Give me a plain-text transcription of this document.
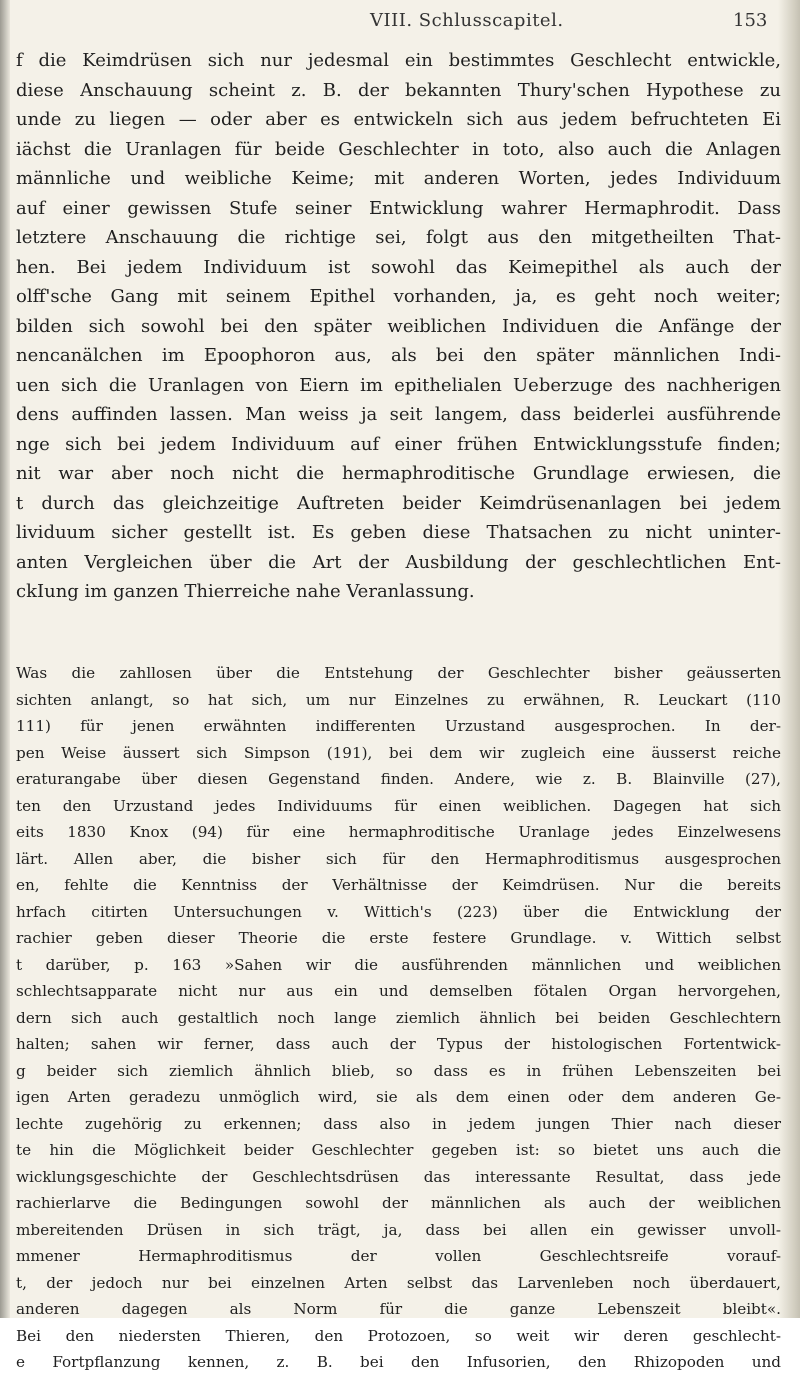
VIII. Schlusscapitel.	153
f die Keimdrüsen sich nur jedesmal ein bestimmtes Geschlecht entwickle,
diese Anschauung scheint z. B. der bekannten Thury'schen Hypothese zu
unde zu liegen — oder aber es entwickeln sich aus jedem befruchteten Ei
iächst die Uranlagen für beide Geschlechter in toto, also auch die Anlagen
männliche und weibliche Keime; mit anderen Worten, jedes Individuum
auf einer gewissen Stufe seiner Entwicklung wahrer Hermaphrodit. Dass
letztere Anschauung die richtige sei, folgt aus den mitgetheilten That-
hen. Bei jedem Individuum ist sowohl das Keimepithel als auch der
olff'sche Gang mit seinem Epithel vorhanden, ja, es geht noch weiter;
bilden sich sowohl bei den später weiblichen Individuen die Anfänge der
nencanälchen im Epoophoron aus, als bei den später männlichen Indi-
uen sich die Uranlagen von Eiern im epithelialen Ueberzuge des nachherigen
dens auffinden lassen. Man weiss ja seit langem, dass beiderlei ausführende
nge sich bei jedem Individuum auf einer frühen Entwicklungsstufe finden;
nit war aber noch nicht die hermaphroditische Grundlage erwiesen, die
t durch das gleichzeitige Auftreten beider Keimdrüsenanlagen bei jedem
lividuum sicher gestellt ist. Es geben diese Thatsachen zu nicht uninter-
anten Vergleichen über die Art der Ausbildung der geschlechtlichen Ent-
ckIung im ganzen Thierreiche nahe Veranlassung.
Was die zahllosen über die Entstehung der Geschlechter bisher geäusserten
sichten anlangt, so hat sich, um nur Einzelnes zu erwähnen, R. Leuckart (110
111) für jenen erwähnten indifferenten Urzustand ausgesprochen. In der-
pen Weise äussert sich Simpson (191), bei dem wir zugleich eine äusserst reiche
eraturangabe über diesen Gegenstand finden. Andere, wie z. B. Blainville (27),
ten den Urzustand jedes Individuums für einen weiblichen. Dagegen hat sich
eits 1830 Knox (94) für eine hermaphroditische Uranlage jedes Einzelwesens
lärt. Allen aber, die bisher sich für den Hermaphroditismus ausgesprochen
en, fehlte die Kenntniss der Verhältnisse der Keimdrüsen. Nur die bereits
hrfach citirten Untersuchungen v. Wittich's (223) über die Entwicklung der
rachier geben dieser Theorie die erste festere Grundlage. v. Wittich selbst
t darüber, p. 163 »Sahen wir die ausführenden männlichen und weiblichen
schlechtsapparate nicht nur aus ein und demselben fötalen Organ hervorgehen,
dern sich auch gestaltlich noch lange ziemlich ähnlich bei beiden Geschlechtern
halten; sahen wir ferner, dass auch der Typus der histologischen Fortentwick-
g beider sich ziemlich ähnlich blieb, so dass es in frühen Lebenszeiten bei
igen Arten geradezu unmöglich wird, sie als dem einen oder dem anderen Ge-
lechte zugehörig zu erkennen; dass also in jedem jungen Thier nach dieser
te hin die Möglichkeit beider Geschlechter gegeben ist: so bietet uns auch die
wicklungsgeschichte der Geschlechtsdrüsen das interessante Resultat, dass jede
rachierlarve die Bedingungen sowohl der männlichen als auch der weiblichen
mbereitenden Drüsen in sich trägt, ja, dass bei allen ein gewisser unvoll-
mmener Hermaphroditismus der vollen Geschlechtsreife vorauf-
t, der jedoch nur bei einzelnen Arten selbst das Larvenleben noch überdauert,
anderen dagegen als Norm für die ganze Lebenszeit bleibt«.
Bei den niedersten Thieren, den Protozoen, so weit wir deren geschlecht-
e Fortpflanzung kennen, z. B. bei den Infusorien, den Rhizopoden und
